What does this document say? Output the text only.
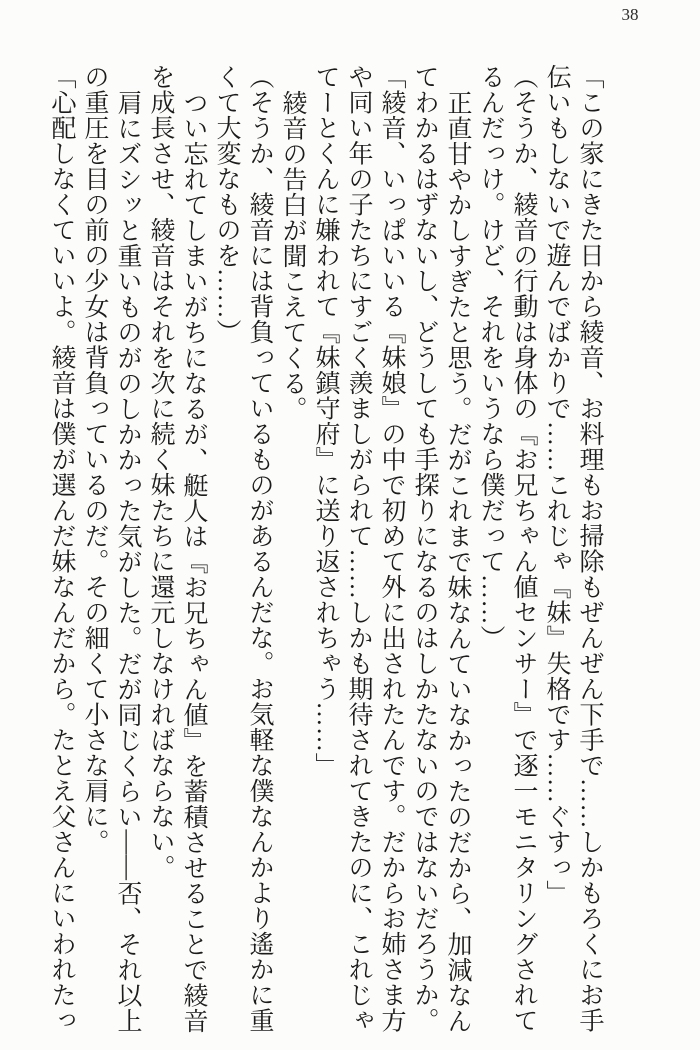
38

「この家にきた日から綾音、お料理もお掃除もぜんぜん下手で……しかもろくにお手

伝いもしないで遊んでばかりで……これじゃ『妹』失格です……ぐすっ」

（そうか、綾音の行動は身体の『お兄ちゃん値センサー』で逐一モニタリングされて

るんだっけ。けど、それをいうなら僕だって……）

正直甘やかしすぎたと思う。だがこれまで妹なんていなかったのだから、加減なん

てわかるはずないし、どうしても手探りになるのはしかたないのではないだろうか。

「綾音、いっぱいいる『妹娘』の中で初めて外に出されたんです。だからお姉さま方

や同い年の子たちにすごく羨ましがられて……しかも期待されてきたのに、これじゃ

てーとくんに嫌われて『妹鎮守府』に送り返されちゃう……」

綾音の告白が聞こえてくる。

（そうか、綾音には背負っているものがあるんだな。お気軽な僕なんかより遙かに重

くて大変なものを……）

つい忘れてしまいがちになるが、艇人は『お兄ちゃん値』を蓄積させることで綾音

を成長させ、綾音はそれを次に続く妹たちに還元しなければならない。

肩にズシッと重いものがのしかかった気がした。だが同じくらい――否、それ以上

の重圧を目の前の少女は背負っているのだ。その細くて小さな肩に。

「心配しなくていいよ。綾音は僕が選んだ妹なんだから。たとえ父さんにいわれたっ
